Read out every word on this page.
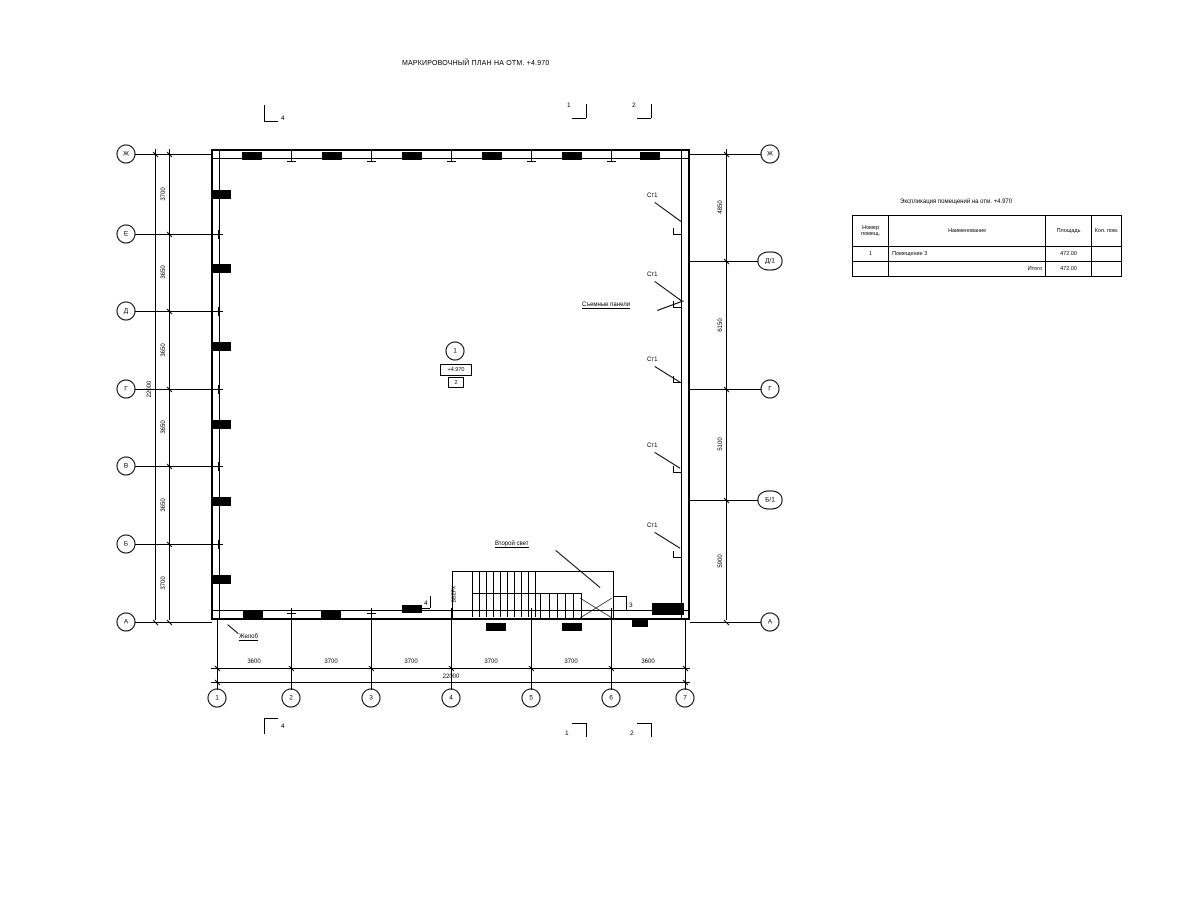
МАРКИРОВОЧНЫЙ ПЛАН НА ОТМ. +4.970
Ст1
Ст1
Ст1
Ст1
Ст1
Съемные панели
1
+4.970
2
ВВЕРХ
Второй свет
Желоб
Ж
Е
Д
Г
В
Б
А
Ж
Д/1
Г
Б/1
А
1	2	3	4	5	6	7
3600	3700	3700	3700	3700	3600
22000
3700
3650
3650
3650
3650
3700
22000
4850
6150
5100
5900
4
1	2
4
1	2
4	3
Экспликация помещений на отм. +4.970
Номер помещ.	Наименование	Площадь	Кол. пом.
1	Помещение 3	472.00	
	Итого	472.00	
